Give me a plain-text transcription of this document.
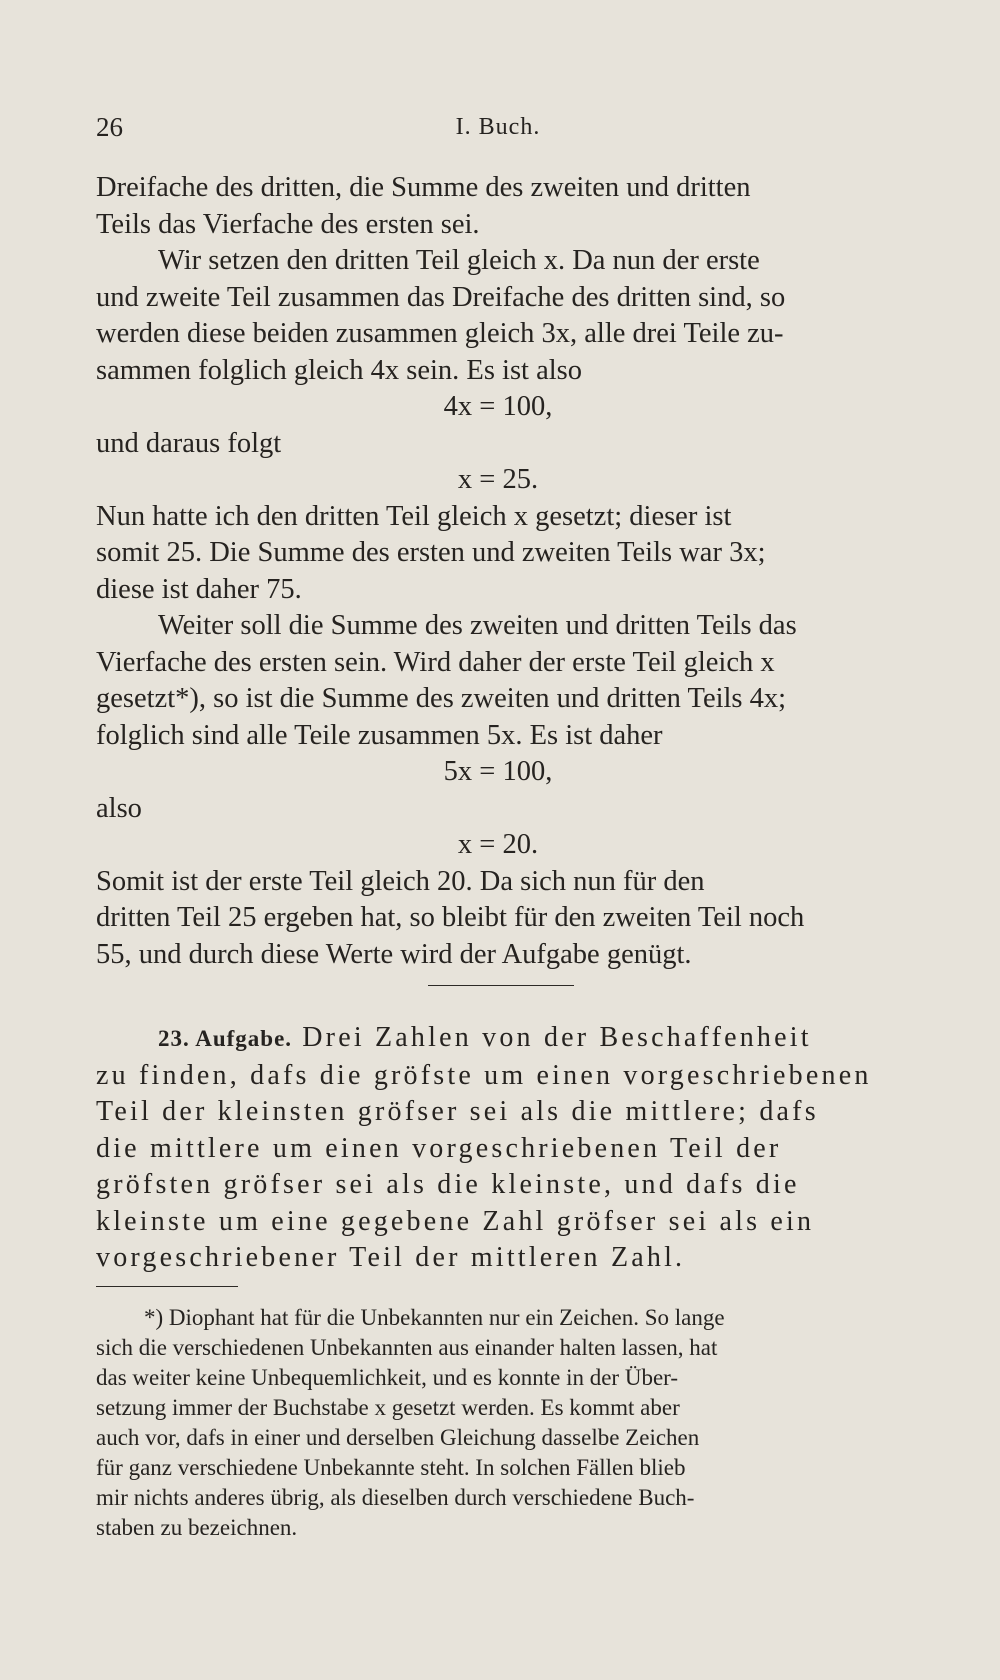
26	I. Buch.

Dreifache des dritten, die Summe des zweiten und dritten

Teils das Vierfache des ersten sei.

Wir setzen den dritten Teil gleich x. Da nun der erste

und zweite Teil zusammen das Dreifache des dritten sind, so

werden diese beiden zusammen gleich 3x, alle drei Teile zu-

sammen folglich gleich 4x sein. Es ist also

4x = 100,

und daraus folgt

x = 25.

Nun hatte ich den dritten Teil gleich x gesetzt; dieser ist

somit 25. Die Summe des ersten und zweiten Teils war 3x;

diese ist daher 75.

Weiter soll die Summe des zweiten und dritten Teils das

Vierfache des ersten sein. Wird daher der erste Teil gleich x

gesetzt*), so ist die Summe des zweiten und dritten Teils 4x;

folglich sind alle Teile zusammen 5x. Es ist daher

5x = 100,

also

x = 20.

Somit ist der erste Teil gleich 20. Da sich nun für den

dritten Teil 25 ergeben hat, so bleibt für den zweiten Teil noch

55, und durch diese Werte wird der Aufgabe genügt.

23. Aufgabe. Drei Zahlen von der Beschaffenheit

zu finden, dafs die gröfste um einen vorgeschriebenen

Teil der kleinsten gröfser sei als die mittlere; dafs

die mittlere um einen vorgeschriebenen Teil der

gröfsten gröfser sei als die kleinste, und dafs die

kleinste um eine gegebene Zahl gröfser sei als ein

vorgeschriebener Teil der mittleren Zahl.

*) Diophant hat für die Unbekannten nur ein Zeichen. So lange

sich die verschiedenen Unbekannten aus einander halten lassen, hat

das weiter keine Unbequemlichkeit, und es konnte in der Über-

setzung immer der Buchstabe x gesetzt werden. Es kommt aber

auch vor, dafs in einer und derselben Gleichung dasselbe Zeichen

für ganz verschiedene Unbekannte steht. In solchen Fällen blieb

mir nichts anderes übrig, als dieselben durch verschiedene Buch-

staben zu bezeichnen.
